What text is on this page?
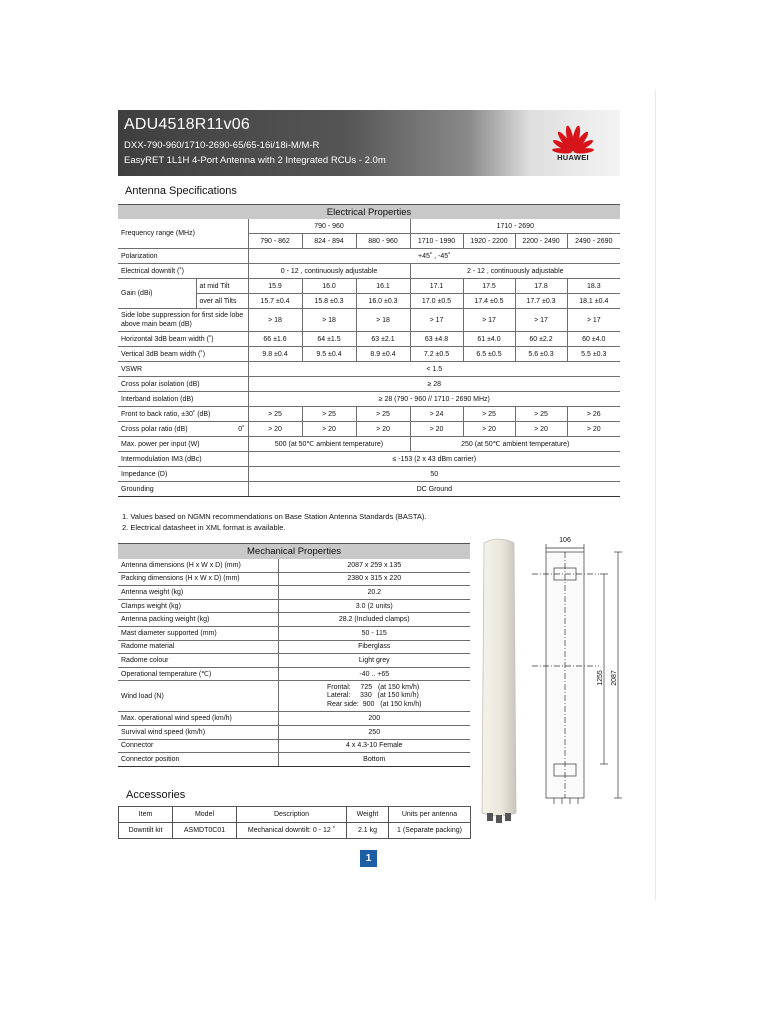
ADU4518R11v06
DXX-790-960/1710-2690-65/65-16i/18i-M/M-R
EasyRET 1L1H 4-Port Antenna with 2 Integrated RCUs - 2.0m	HUAWEI
Antenna Specifications
Electrical Properties								
Frequency range (MHz)		790 - 960			1710 - 2690			
		790 - 862	824 - 894	880 - 960	1710 - 1990	1920 - 2200	2200 - 2490	2490 - 2690
Polarization		+45˚ , -45˚						
Electrical downtilt (˚)		0 - 12 , continuously adjustable			2 - 12 , continuously adjustable			
Gain (dBi)	at mid Tilt	15.9	16.0	16.1	17.1	17.5	17.8	18.3
	over all Tilts	15.7 ±0.4	15.8 ±0.3	16.0 ±0.3	17.0 ±0.5	17.4 ±0.5	17.7 ±0.3	18.1 ±0.4
Side lobe suppression for first side lobe above main beam (dB)		> 18	> 18	> 18	> 17	> 17	> 17	> 17
Horizontal 3dB beam width (˚)		66 ±1.6	64 ±1.5	63 ±2.1	63 ±4.8	61 ±4.0	60 ±2.2	60 ±4.0
Vertical 3dB beam width (˚)		9.8 ±0.4	9.5 ±0.4	8.9 ±0.4	7.2 ±0.5	6.5 ±0.5	5.6 ±0.3	5.5 ±0.3
VSWR		< 1.5						
Cross polar isolation (dB)		≥ 28						
Interband isolation (dB)		≥ 28 (790 - 960 // 1710 - 2690 MHz)						
Front to back ratio, ±30˚ (dB)		> 25	> 25	> 25	> 24	> 25	> 25	> 26
Cross polar ratio (dB)	0˚	> 20	> 20	> 20	> 20	> 20	> 20	> 20
Max. power per input (W)		500 (at 50℃ ambient temperature)			250 (at 50℃ ambient temperature)			
Intermodulation IM3 (dBc)		≤ -153 (2 x 43 dBm carrier)						
Impedance (D)		50						
Grounding		DC Ground						
1. Values based on NGMN recommendations on Base Station Antenna Standards (BASTA).
2. Electrical datasheet in XML format is available.
Mechanical Properties	
Antenna dimensions (H x W x D) (mm)	2087 x 259 x 135
Packing dimensions (H x W x D) (mm)	2380 x 315 x 220
Antenna weight (kg)	20.2
Clamps weight (kg)	3.0 (2 units)
Antenna packing weight (kg)	28.2 (Included clamps)
Mast diameter supported (mm)	50 - 115
Radome material	Fiberglass
Radome colour	Light grey
Operational temperature (℃)	-40 .. +65
Wind load (N)	Frontal:     725   (at 150 km/h)
Lateral:     330   (at 150 km/h)
Rear side:  900   (at 150 km/h)
Max. operational wind speed (km/h)	200
Survival wind speed (km/h)	250
Connector	4 x 4.3-10 Female
Connector position	Bottom
106
1255 2087
Accessories
Item	Model	Description	Weight	Units per antenna
Downtilt kit	ASMDT0C01	Mechanical downtilt: 0 - 12 ˚	2.1 kg	1 (Separate packing)
1
